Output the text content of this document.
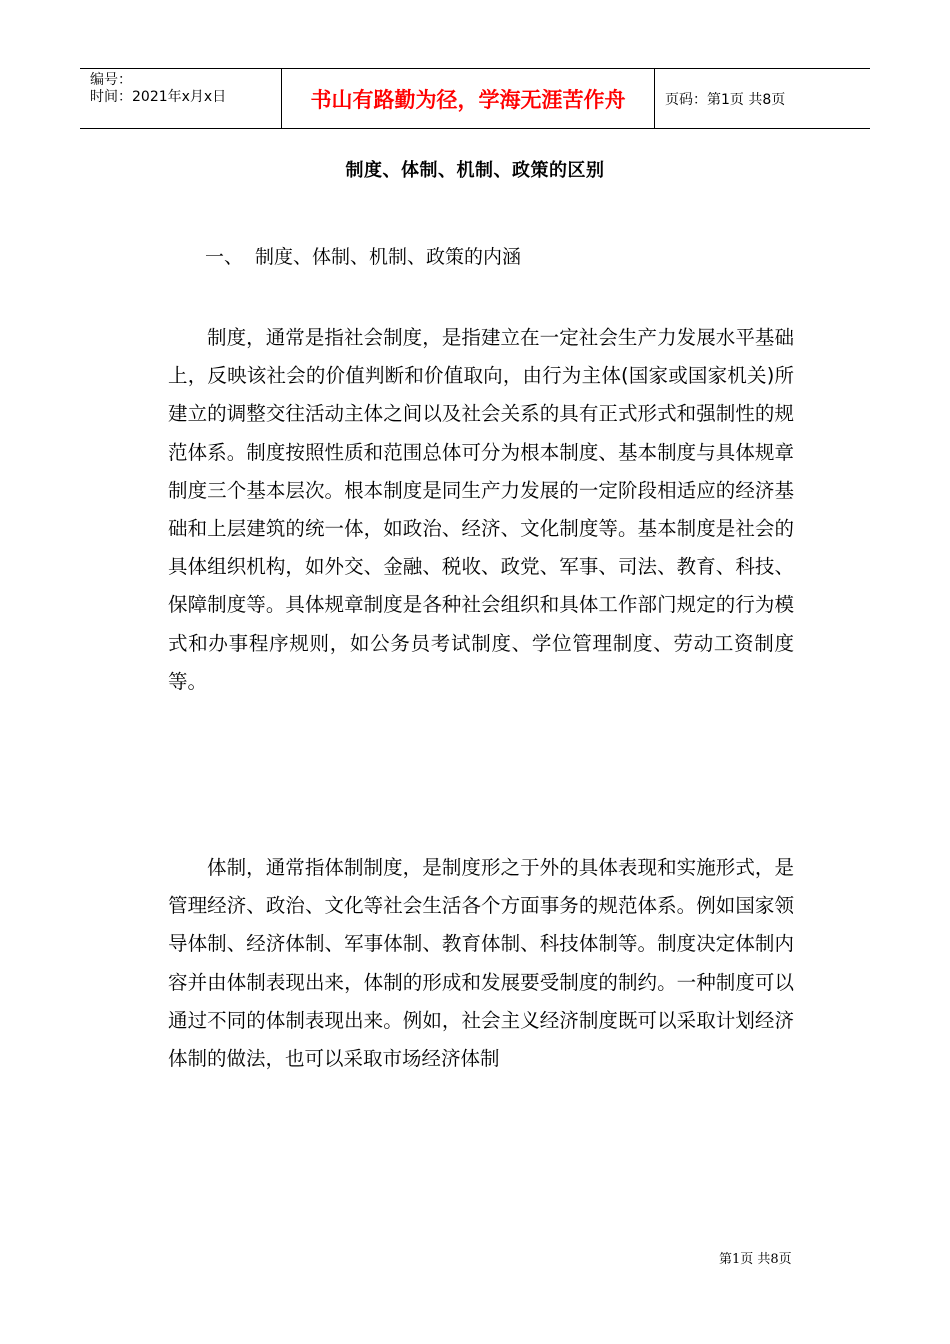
编号：
时间：2021年x月x日	书山有路勤为径，学海无涯苦作舟	页码：第1页 共8页
制度、体制、机制、政策的区别
一、 制度、体制、机制、政策的内涵

制度，通常是指社会制度，是指建立在一定社会生产力发展水平基础上，反映该社会的价值判断和价值取向，由行为主体(国家或国家机关)所建立的调整交往活动主体之间以及社会关系的具有正式形式和强制性的规范体系。制度按照性质和范围总体可分为根本制度、基本制度与具体规章制度三个基本层次。根本制度是同生产力发展的一定阶段相适应的经济基础和上层建筑的统一体，如政治、经济、文化制度等。基本制度是社会的具体组织机构，如外交、金融、税收、政党、军事、司法、教育、科技、保障制度等。具体规章制度是各种社会组织和具体工作部门规定的行为模式和办事程序规则，如公务员考试制度、学位管理制度、劳动工资制度等。

体制，通常指体制制度，是制度形之于外的具体表现和实施形式，是管理经济、政治、文化等社会生活各个方面事务的规范体系。例如国家领导体制、经济体制、军事体制、教育体制、科技体制等。制度决定体制内容并由体制表现出来，体制的形成和发展要受制度的制约。一种制度可以通过不同的体制表现出来。例如，社会主义经济制度既可以采取计划经济体制的做法，也可以采取市场经济体制

第1页 共8页
